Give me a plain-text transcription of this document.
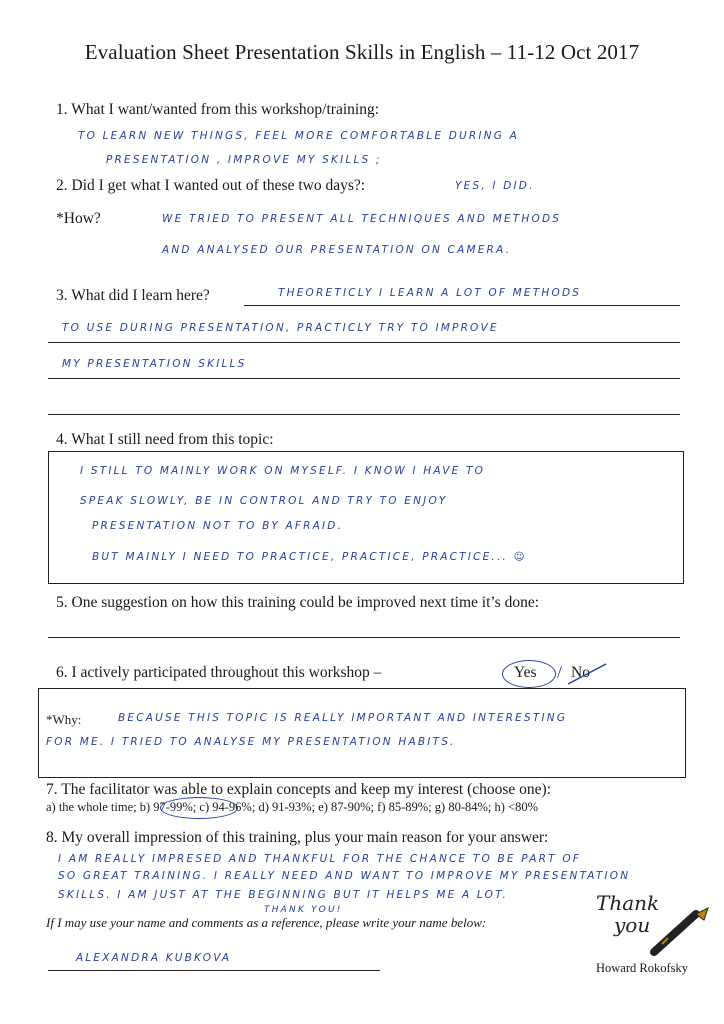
Evaluation Sheet Presentation Skills in English – 11-12 Oct 2017
1. What I want/wanted from this workshop/training:
TO LEARN NEW THINGS, FEEL MORE COMFORTABLE DURING A
PRESENTATION , IMPROVE MY SKILLS ;
2. Did I get what I wanted out of these two days?:	YES, I DID.
*How?	WE TRIED TO PRESENT ALL TECHNIQUES AND METHODS
AND ANALYSED OUR PRESENTATION ON CAMERA.
3. What did I learn here?	THEORETICLY I LEARN A LOT OF METHODS
TO USE DURING PRESENTATION, PRACTICLY TRY TO IMPROVE
MY PRESENTATION SKILLS
4. What I still need from this topic:
I STILL TO MAINLY WORK ON MYSELF. I KNOW I HAVE TO
SPEAK SLOWLY, BE IN CONTROL AND TRY TO ENJOY
PRESENTATION NOT TO BY AFRAID.
BUT MAINLY I NEED TO PRACTICE, PRACTICE, PRACTICE... ☺
5. One suggestion on how this training could be improved next time it’s done:
6. I actively participated throughout this workshop –	Yes / No
*Why:	BECAUSE THIS TOPIC IS REALLY IMPORTANT AND INTERESTING
FOR ME. I TRIED TO ANALYSE MY PRESENTATION HABITS.
7. The facilitator was able to explain concepts and keep my interest (choose one):
a) the whole time; b) 97-99%; c) 94-96%; d) 91-93%; e) 87-90%; f) 85-89%; g) 80-84%; h) <80%
8. My overall impression of this training, plus your main reason for your answer:
I AM REALLY IMPRESED AND THANKFUL FOR THE CHANCE TO BE PART OF
SO GREAT TRAINING. I REALLY NEED AND WANT TO IMPROVE MY PRESENTATION
SKILLS. I AM JUST AT THE BEGINNING BUT IT HELPS ME A LOT.
THANK YOU!
If I may use your name and comments as a reference, please write your name below:
ALEXANDRA KUBKOVA
Thank
you
Howard Rokofsky
